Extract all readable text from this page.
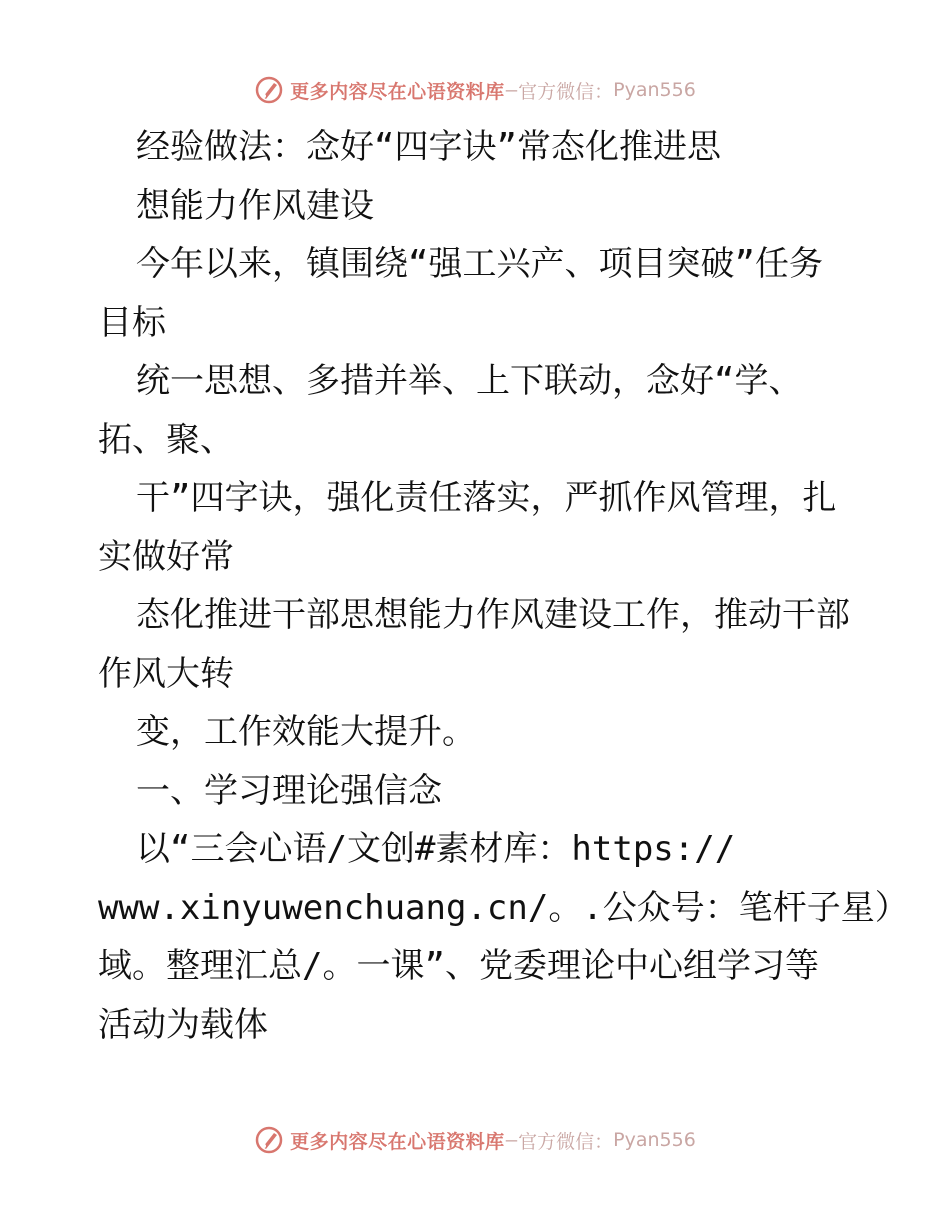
更多内容尽在心语资料库 — 官方微信： Pyan556
经验做法：念好“四字诀”常态化推进思
想能力作风建设
今年以来，镇围绕“强工兴产、项目突破”任务
目标
统一思想、多措并举、上下联动，念好“学、
拓、聚、
干”四字诀，强化责任落实，严抓作风管理，扎
实做好常
态化推进干部思想能力作风建设工作，推动干部
作风大转
变，工作效能大提升。
一、学习理论强信念
以“三会心语/文创#素材库：https://
www.xinyuwenchuang.cn/。.公众号：笔杆子星）
域。整理汇总/。一课”、党委理论中心组学习等
活动为载体
更多内容尽在心语资料库 — 官方微信： Pyan556
